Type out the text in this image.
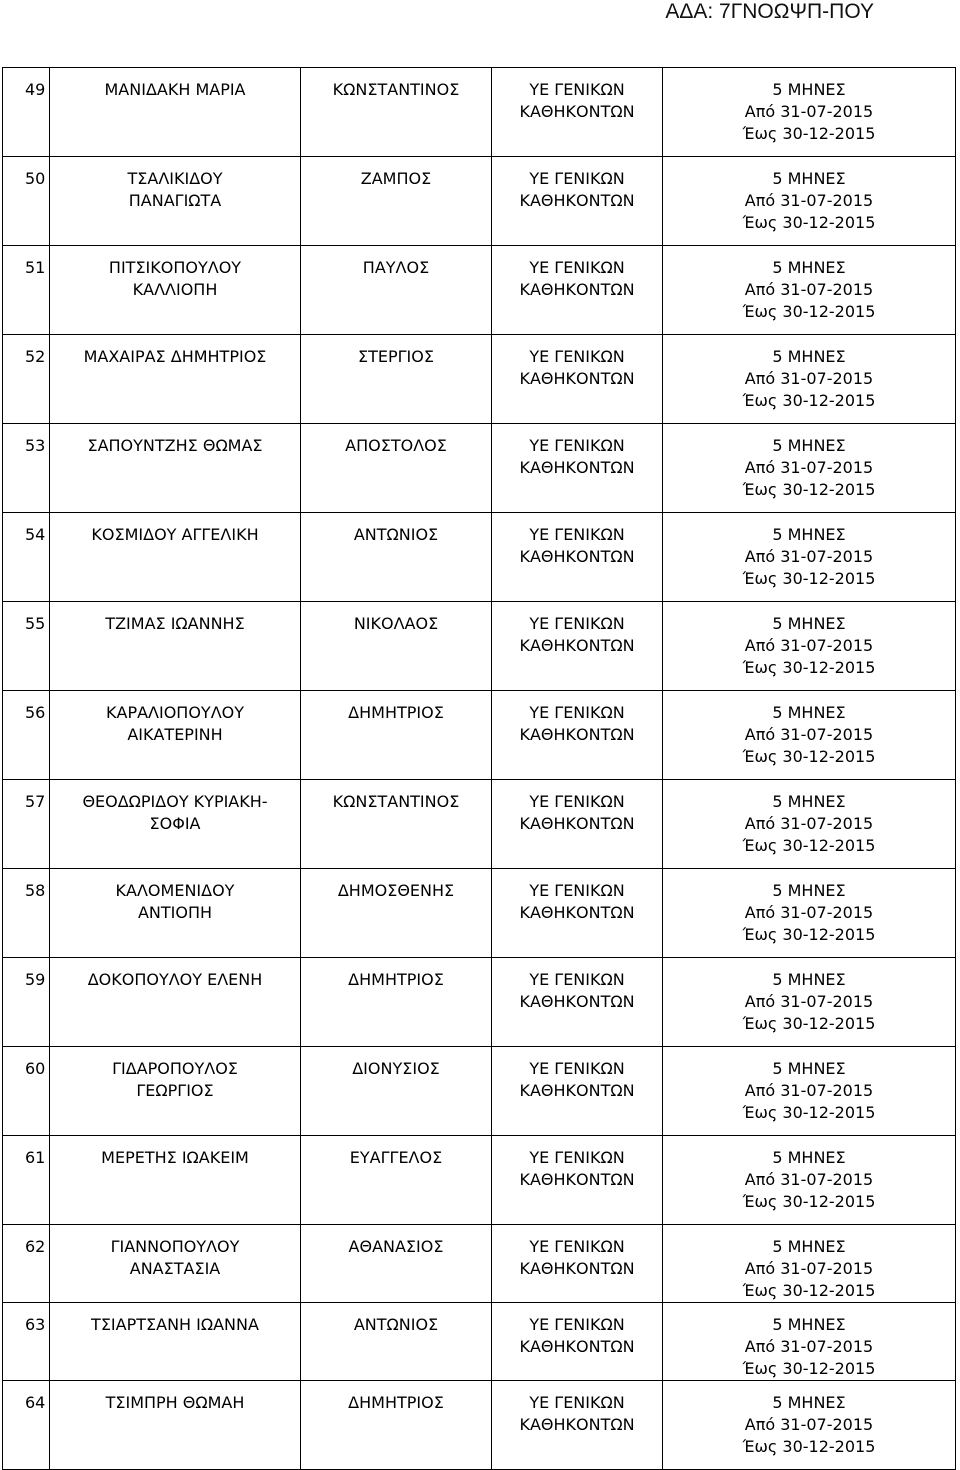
ΑΔΑ: 7ΓΝΟΩΨΠ-ΠΟΥ
49	ΜΑΝΙΔΑΚΗ ΜΑΡΙΑ	ΚΩΝΣΤΑΝΤΙΝΟΣ	ΥΕ ΓΕΝΙΚΩΝ ΚΑΘΗΚΟΝΤΩΝ	5 ΜΗΝΕΣ
Από 31-07-2015
Έως 30-12-2015

50	ΤΣΑΛΙΚΙΔΟΥ ΠΑΝΑΓΙΩΤΑ	ΖΑΜΠΟΣ	ΥΕ ΓΕΝΙΚΩΝ ΚΑΘΗΚΟΝΤΩΝ	5 ΜΗΝΕΣ
Από 31-07-2015
Έως 30-12-2015

51	ΠΙΤΣΙΚΟΠΟΥΛΟΥ ΚΑΛΛΙΟΠΗ	ΠΑΥΛΟΣ	ΥΕ ΓΕΝΙΚΩΝ ΚΑΘΗΚΟΝΤΩΝ	5 ΜΗΝΕΣ
Από 31-07-2015
Έως 30-12-2015

52	ΜΑΧΑΙΡΑΣ ΔΗΜΗΤΡΙΟΣ	ΣΤΕΡΓΙΟΣ	ΥΕ ΓΕΝΙΚΩΝ ΚΑΘΗΚΟΝΤΩΝ	5 ΜΗΝΕΣ
Από 31-07-2015
Έως 30-12-2015

53	ΣΑΠΟΥΝΤΖΗΣ ΘΩΜΑΣ	ΑΠΟΣΤΟΛΟΣ	ΥΕ ΓΕΝΙΚΩΝ ΚΑΘΗΚΟΝΤΩΝ	5 ΜΗΝΕΣ
Από 31-07-2015
Έως 30-12-2015

54	ΚΟΣΜΙΔΟΥ ΑΓΓΕΛΙΚΗ	ΑΝΤΩΝΙΟΣ	ΥΕ ΓΕΝΙΚΩΝ ΚΑΘΗΚΟΝΤΩΝ	5 ΜΗΝΕΣ
Από 31-07-2015
Έως 30-12-2015

55	ΤΖΙΜΑΣ ΙΩΑΝΝΗΣ	ΝΙΚΟΛΑΟΣ	ΥΕ ΓΕΝΙΚΩΝ ΚΑΘΗΚΟΝΤΩΝ	5 ΜΗΝΕΣ
Από 31-07-2015
Έως 30-12-2015

56	ΚΑΡΑΛΙΟΠΟΥΛΟΥ ΑΙΚΑΤΕΡΙΝΗ	ΔΗΜΗΤΡΙΟΣ	ΥΕ ΓΕΝΙΚΩΝ ΚΑΘΗΚΟΝΤΩΝ	5 ΜΗΝΕΣ
Από 31-07-2015
Έως 30-12-2015

57	ΘΕΟΔΩΡΙΔΟΥ ΚΥΡΙΑΚΗ-ΣΟΦΙΑ	ΚΩΝΣΤΑΝΤΙΝΟΣ	ΥΕ ΓΕΝΙΚΩΝ ΚΑΘΗΚΟΝΤΩΝ	5 ΜΗΝΕΣ
Από 31-07-2015
Έως 30-12-2015

58	ΚΑΛΟΜΕΝΙΔΟΥ ΑΝΤΙΟΠΗ	ΔΗΜΟΣΘΕΝΗΣ	ΥΕ ΓΕΝΙΚΩΝ ΚΑΘΗΚΟΝΤΩΝ	5 ΜΗΝΕΣ
Από 31-07-2015
Έως 30-12-2015

59	ΔΟΚΟΠΟΥΛΟΥ ΕΛΕΝΗ	ΔΗΜΗΤΡΙΟΣ	ΥΕ ΓΕΝΙΚΩΝ ΚΑΘΗΚΟΝΤΩΝ	5 ΜΗΝΕΣ
Από 31-07-2015
Έως 30-12-2015

60	ΓΙΔΑΡΟΠΟΥΛΟΣ ΓΕΩΡΓΙΟΣ	ΔΙΟΝΥΣΙΟΣ	ΥΕ ΓΕΝΙΚΩΝ ΚΑΘΗΚΟΝΤΩΝ	5 ΜΗΝΕΣ
Από 31-07-2015
Έως 30-12-2015

61	ΜΕΡΕΤΗΣ ΙΩΑΚΕΙΜ	ΕΥΑΓΓΕΛΟΣ	ΥΕ ΓΕΝΙΚΩΝ ΚΑΘΗΚΟΝΤΩΝ	5 ΜΗΝΕΣ
Από 31-07-2015
Έως 30-12-2015

62	ΓΙΑΝΝΟΠΟΥΛΟΥ ΑΝΑΣΤΑΣΙΑ	ΑΘΑΝΑΣΙΟΣ	ΥΕ ΓΕΝΙΚΩΝ ΚΑΘΗΚΟΝΤΩΝ	5 ΜΗΝΕΣ
Από 31-07-2015
Έως 30-12-2015

63	ΤΣΙΑΡΤΣΑΝΗ ΙΩΑΝΝΑ	ΑΝΤΩΝΙΟΣ	ΥΕ ΓΕΝΙΚΩΝ ΚΑΘΗΚΟΝΤΩΝ	5 ΜΗΝΕΣ
Από 31-07-2015
Έως 30-12-2015

64	ΤΣΙΜΠΡΗ ΘΩΜΑΗ	ΔΗΜΗΤΡΙΟΣ	ΥΕ ΓΕΝΙΚΩΝ ΚΑΘΗΚΟΝΤΩΝ	5 ΜΗΝΕΣ
Από 31-07-2015
Έως 30-12-2015
